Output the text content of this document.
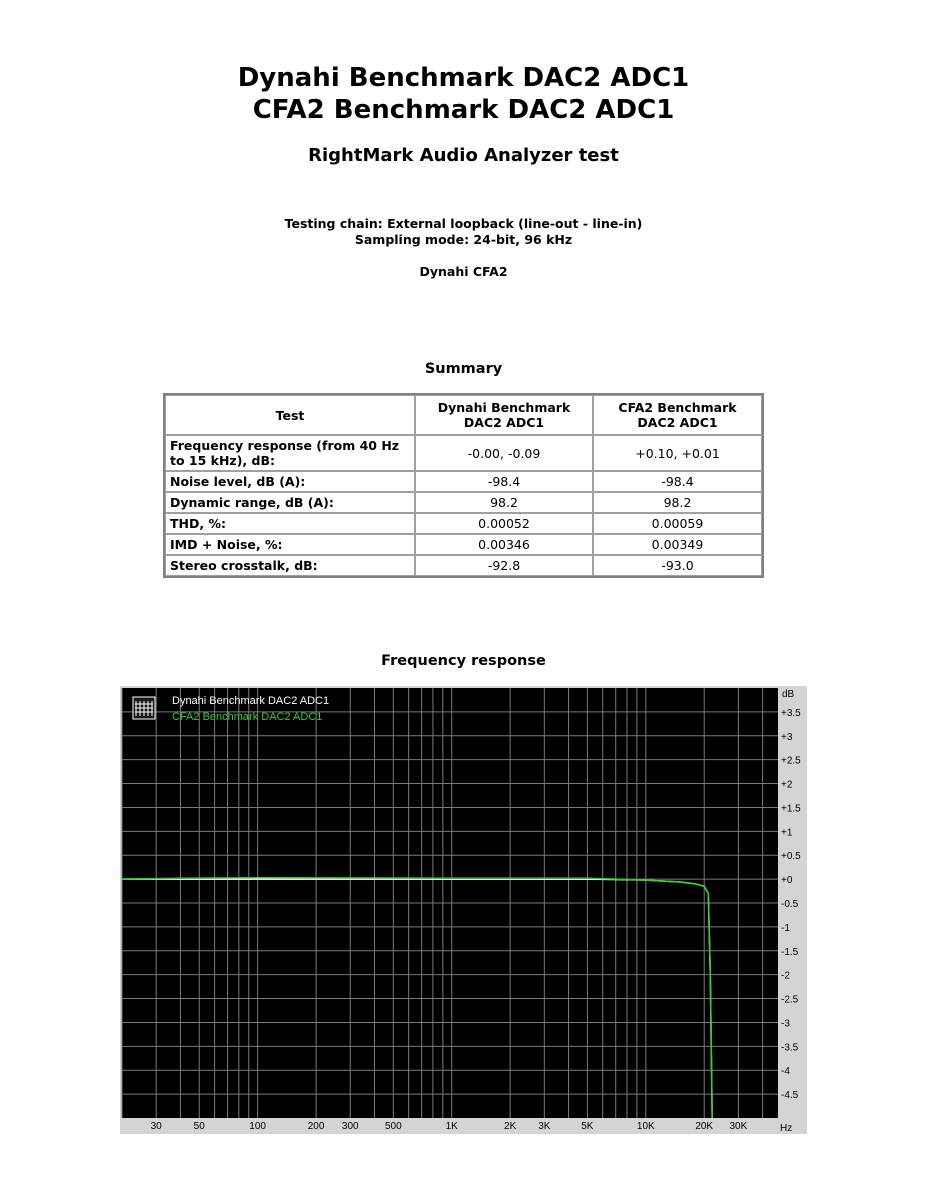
Dynahi Benchmark DAC2 ADC1
CFA2 Benchmark DAC2 ADC1
RightMark Audio Analyzer test
Testing chain: External loopback (line-out - line-in)
Sampling mode: 24-bit, 96 kHz
Dynahi CFA2
Summary
Test	Dynahi Benchmark DAC2 ADC1	CFA2 Benchmark DAC2 ADC1
Frequency response (from 40 Hz to 15 kHz), dB:	-0.00, -0.09	+0.10, +0.01
Noise level, dB (A):	-98.4	-98.4
Dynamic range, dB (A):	98.2	98.2
THD, %:	0.00052	0.00059
IMD + Noise, %:	0.00346	0.00349
Stereo crosstalk, dB:	-92.8	-93.0
Frequency response
30	50	100	200 300	500	1K	2K 3K	5K	10K	20K 30K
+3.5
+3
+2.5
+2
+1.5
+1
+0.5
+0
-0.5
-1
-1.5
-2
-2.5
-3
-3.5
-4
-4.5
Dynahi Benchmark DAC2 ADC1
CFA2 Benchmark DAC2 ADC1
dB
Hz
